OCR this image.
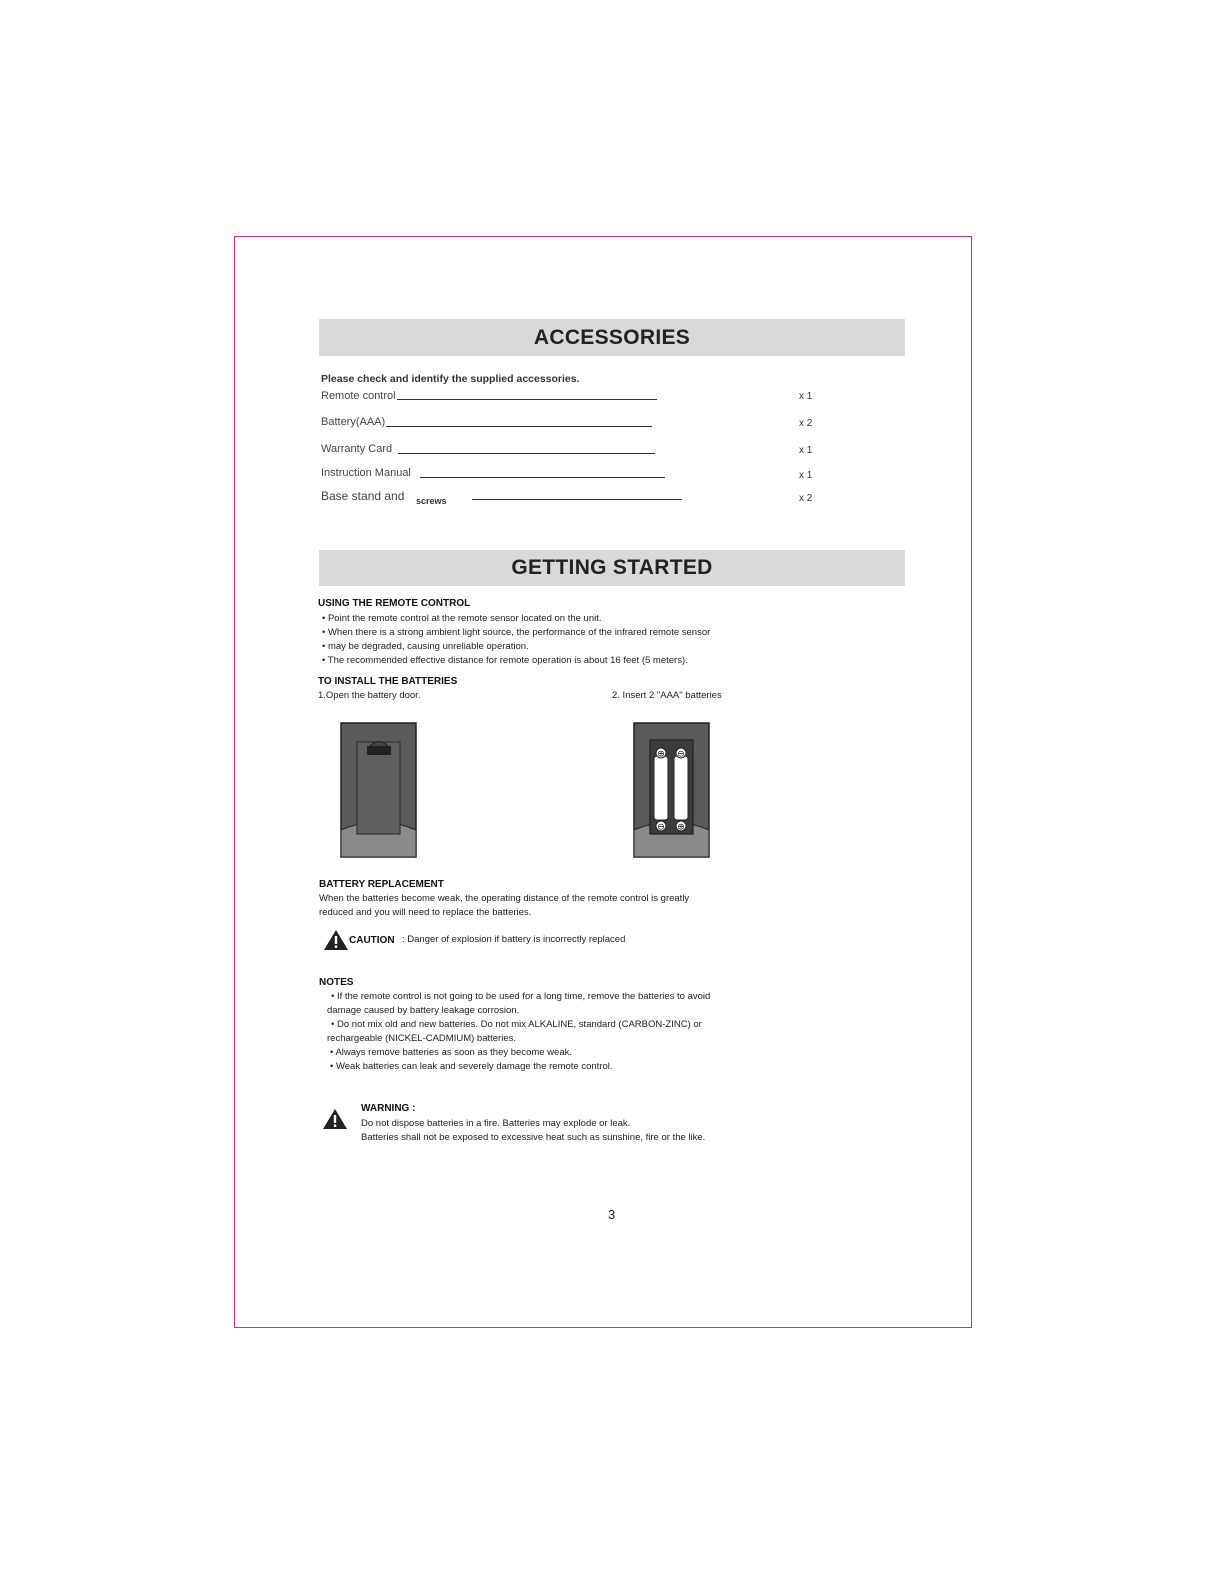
ACCESSORIES
Please check and identify the supplied accessories.
Remote control	x 1
Battery(AAA)	x 2
Warranty Card	x 1
Instruction Manual	x 1
Base stand and screws	x 2
GETTING STARTED
USING THE REMOTE CONTROL
• Point the remote control at the remote sensor located on the unit.
• When there is a strong ambient light source, the performance of the infrared remote sensor
• may be degraded, causing unreliable operation.
• The recommended effective distance for remote operation is about 16 feet (5 meters).
TO INSTALL THE BATTERIES
1.Open the battery door.	2. Insert 2 "AAA" batteries
⊕ ⊖
⊖ ⊕
BATTERY REPLACEMENT
When the batteries become weak, the operating distance of the remote control is greatly
reduced and you will need to replace the batteries.
CAUTION : Danger of explosion if battery is incorrectly replaced
NOTES
• If the remote control is not going to be used for a long time, remove the batteries to avoid
damage caused by battery leakage corrosion.
• Do not mix old and new batteries. Do not mix ALKALINE, standard (CARBON-ZINC) or
rechargeable (NICKEL-CADMIUM) batteries.
• Always remove batteries as soon as they become weak.
• Weak batteries can leak and severely damage the remote control.
WARNING :
Do not dispose batteries in a fire. Batteries may explode or leak.
Batteries shall not be exposed to excessive heat such as sunshine, fire or the like.
3
